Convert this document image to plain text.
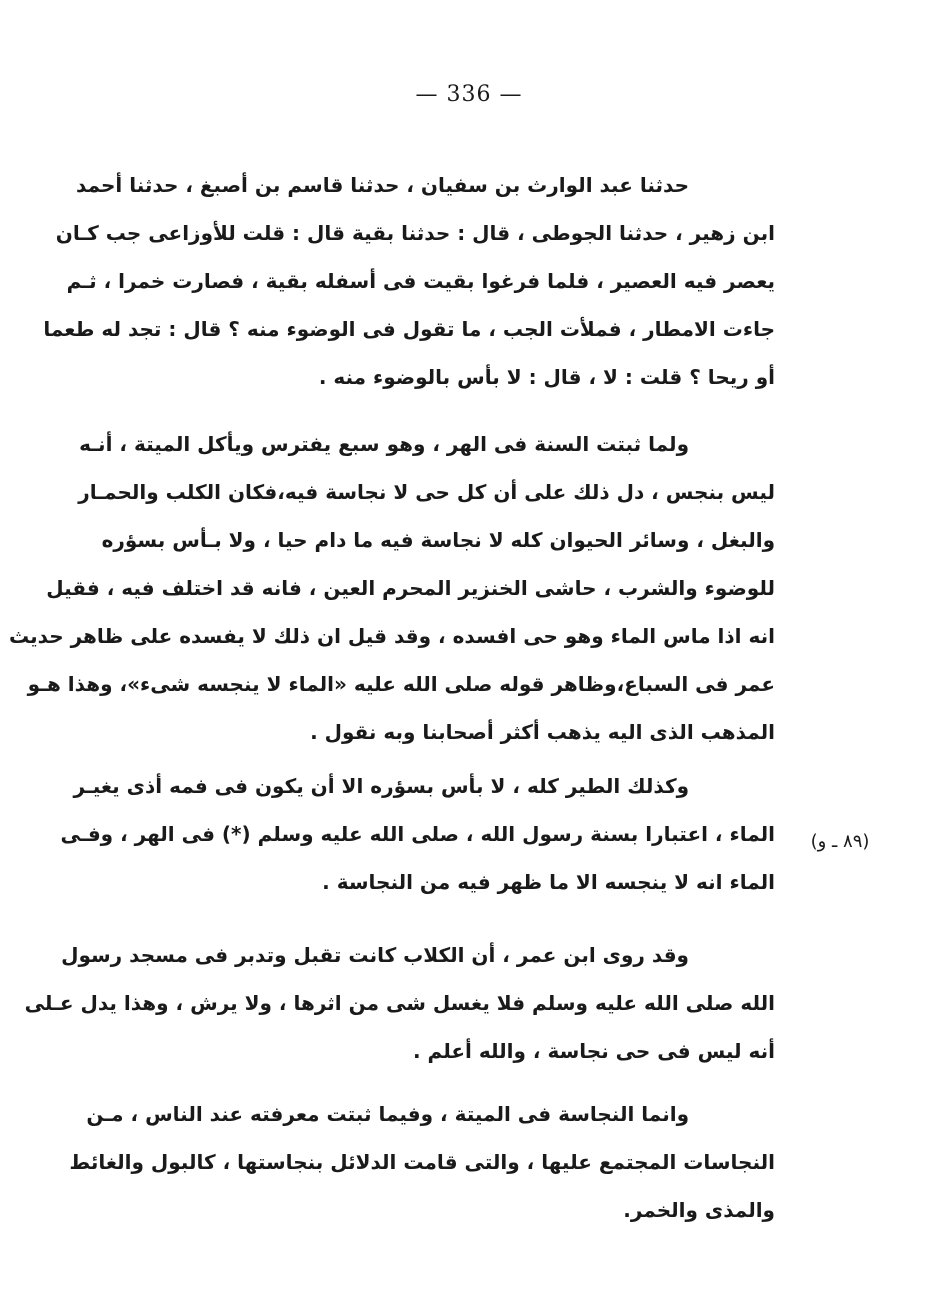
— 336 —
حدثنا عبد الوارث بن سفيان ، حدثنا قاسم بن أصبغ ، حدثنا أحمد
ابن زهير ، حدثنا الجوطى ، قال : حدثنا بقية قال : قلت للأوزاعى جب كـان
يعصر فيه العصير ، فلما فرغوا بقيت فى أسفله بقية ، فصارت خمرا ، ثـم
جاءت الامطار ، فملأت الجب ، ما تقول فى الوضوء منه ؟ قال : تجد له طعما
أو ريحا ؟ قلت : لا ، قال : لا بأس بالوضوء منه .
ولما ثبتت السنة فى الهر ، وهو سبع يفترس ويأكل الميتة ، أنـه
ليس بنجس ، دل ذلك على أن كل حى لا نجاسة فيه،فكان الكلب والحمـار
والبغل ، وسائر الحيوان كله لا نجاسة فيه ما دام حيا ، ولا بـأس بسؤره
للوضوء والشرب ، حاشى الخنزير المحرم العين ، فانه قد اختلف فيه ، فقيل
انه اذا ماس الماء وهو حى افسده ، وقد قيل ان ذلك لا يفسده على ظاهر حديث
عمر فى السباع،وظاهر قوله صلى الله عليه «الماء لا ينجسه شىء»، وهذا هـو
المذهب الذى اليه يذهب أكثر أصحابنا وبه نقول .
وكذلك الطير كله ، لا بأس بسؤره الا أن يكون فى فمه أذى يغيـر
الماء ، اعتبارا بسنة رسول الله ، صلى الله عليه وسلم (*) فى الهر ، وفـى
الماء انه لا ينجسه الا ما ظهر فيه من النجاسة .
(۸۹ ـ و)
وقد روى ابن عمر ، أن الكلاب كانت تقبل وتدبر فى مسجد رسول
الله صلى الله عليه وسلم فلا يغسل شى من اثرها ، ولا يرش ، وهذا يدل عـلى
أنه ليس فى حى نجاسة ، والله أعلم .
وانما النجاسة فى الميتة ، وفيما ثبتت معرفته عند الناس ، مـن
النجاسات المجتمع عليها ، والتى قامت الدلائل بنجاستها ، كالبول والغائط
والمذى والخمر.
